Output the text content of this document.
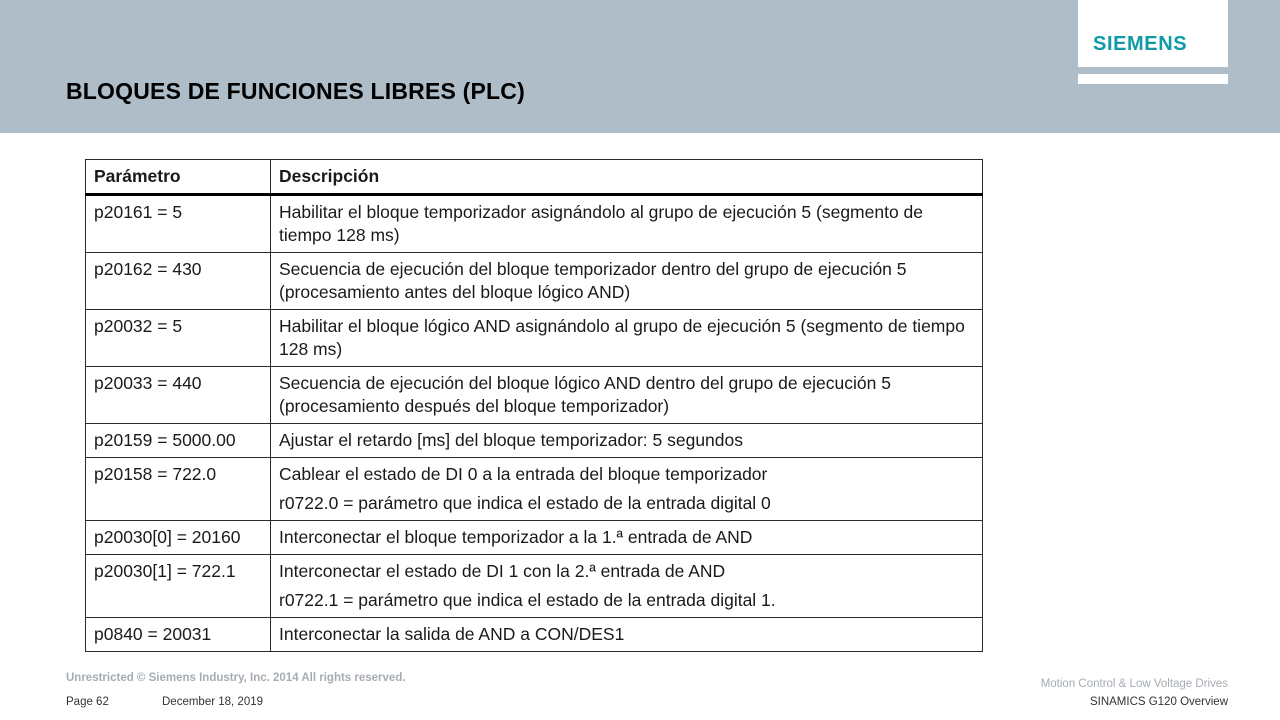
BLOQUES DE FUNCIONES LIBRES (PLC)
SIEMENS
Parámetro	Descripción
p20161 = 5	Habilitar el bloque temporizador asignándolo al grupo de ejecución 5 (segmento de tiempo 128 ms)
p20162 = 430	Secuencia de ejecución del bloque temporizador dentro del grupo de ejecución 5 (procesamiento antes del bloque lógico AND)
p20032 = 5	Habilitar el bloque lógico AND asignándolo al grupo de ejecución 5 (segmento de tiempo 128 ms)
p20033 = 440	Secuencia de ejecución del bloque lógico AND dentro del grupo de ejecución 5 (procesamiento después del bloque temporizador)
p20159 = 5000.00	Ajustar el retardo [ms] del bloque temporizador: 5 segundos
p20158 = 722.0	Cablear el estado de DI 0 a la entrada del bloque temporizador
r0722.0 = parámetro que indica el estado de la entrada digital 0

p20030[0] = 20160	Interconectar el bloque temporizador a la 1.ª entrada de AND
p20030[1] = 722.1	Interconectar el estado de DI 1 con la 2.ª entrada de AND
r0722.1 = parámetro que indica el estado de la entrada digital 1.

p0840 = 20031	Interconectar la salida de AND a CON/DES1
Unrestricted © Siemens Industry, Inc. 2014 All rights reserved.
Page 62	December 18, 2019
Motion Control & Low Voltage Drives
SINAMICS G120 Overview
